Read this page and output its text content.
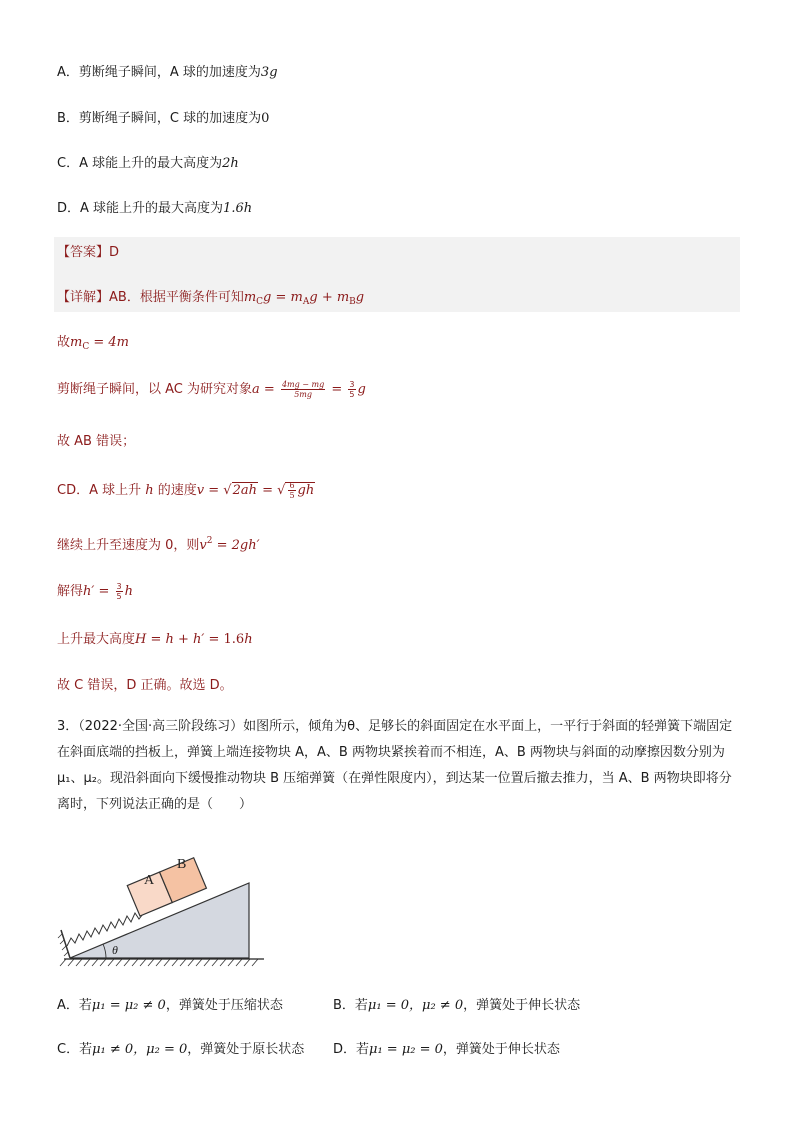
A．剪断绳子瞬间，A 球的加速度为3g
B．剪断绳子瞬间，C 球的加速度为0
C．A 球能上升的最大高度为2h
D．A 球能上升的最大高度为1.6h
【答案】D
【详解】AB．根据平衡条件可知$m_Cg = m_Ag + m_Bg$
故$m_C = 4m$
剪断绳子瞬间，以 AC 为研究对象$a = \frac{4mg - mg}{5mg} = \frac{3}{5}$ g
故 AB 错误；
CD．A 球上升 h 的速度v = √2ah = √ $\frac{6}{5}$ gh
继续上升至速度为 0，则$v^2 = 2gh'$
解得$h' = \frac{3}{5}$ h
上升最大高度H = h + h′ = 1.6h
故 C 错误，D 正确。故选 D。
3．（2022·全国·高三阶段练习）如图所示，倾角为θ、足够长的斜面固定在水平面上，一平行于斜面的轻弹簧下端固定在斜面底端的挡板上，弹簧上端连接物块 A，A、B 两物块紧挨着而不相连，A、B 两物块与斜面的动摩擦因数分别为μ₁、μ₂。现沿斜面向下缓慢推动物块 B 压缩弹簧（在弹性限度内），到达某一位置后撤去推力，当 A、B 两物块即将分离时，下列说法正确的是（　　）
A
B
θ
A．若μ₁ = μ₂ ≠ 0，弹簧处于压缩状态	B．若μ₁ = 0，μ₂ ≠ 0，弹簧处于伸长状态
C．若μ₁ ≠ 0，μ₂ = 0，弹簧处于原长状态 D．若μ₁ = μ₂ = 0，弹簧处于伸长状态
